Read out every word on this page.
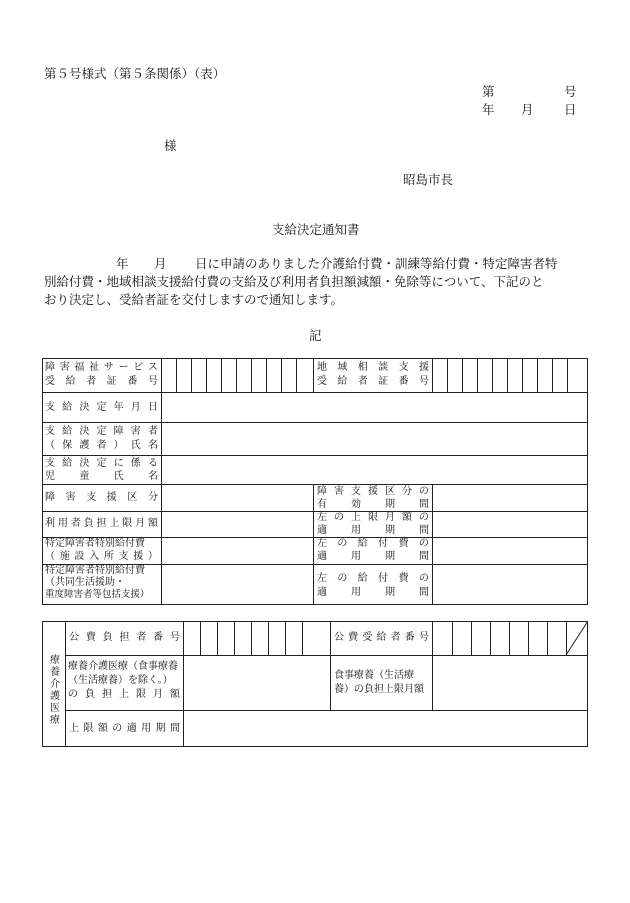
第５号様式（第５条関係）（表）
第	号
年 月 日
様
昭島市長
支給決定通知書
年 月 日に申請のありました介護給付費・訓練等給付費・特定障害者特
別給付費・地域相談支援給付費の支給及び利用者負担額減額・免除等について、下記のと
おり決定し、受給者証を交付しますので通知します。
記
障 害 福 祉 サ ー ビ ス
受 給 者 証 番 号
地 域 相 談 支 援
受 給 者 証 番 号
支 給 決 定 年 月 日
支 給 決 定 障 害 者
（ 保 護 者 ） 氏 名
支 給 決 定 に 係 る
児 童 氏 名
障 害 支 援 区 分
障 害 支 援 区 分 の
有 効 期 間
利 用 者 負 担 上 限 月 額
左 の 上 限 月 額 の
適 用 期 間
特定障害者特別給付費
（ 施 設 入 所 支 援 ）
左 の 給 付 費 の
適 用 期 間
特定障害者特別給付費
（共同生活援助・
重度障害者等包括支援）
左 の 給 付 費 の
適 用 期 間
療
養
介
護
医
療
公 費 負 担 者 番 号	公 費 受 給 者 番 号
療養介護医療（食事療養
（生活療養）を除く。）
の 負 担 上 限 月 額
食事療養（生活療
養）の負担上限月額
上 限 額 の 適 用 期 間
